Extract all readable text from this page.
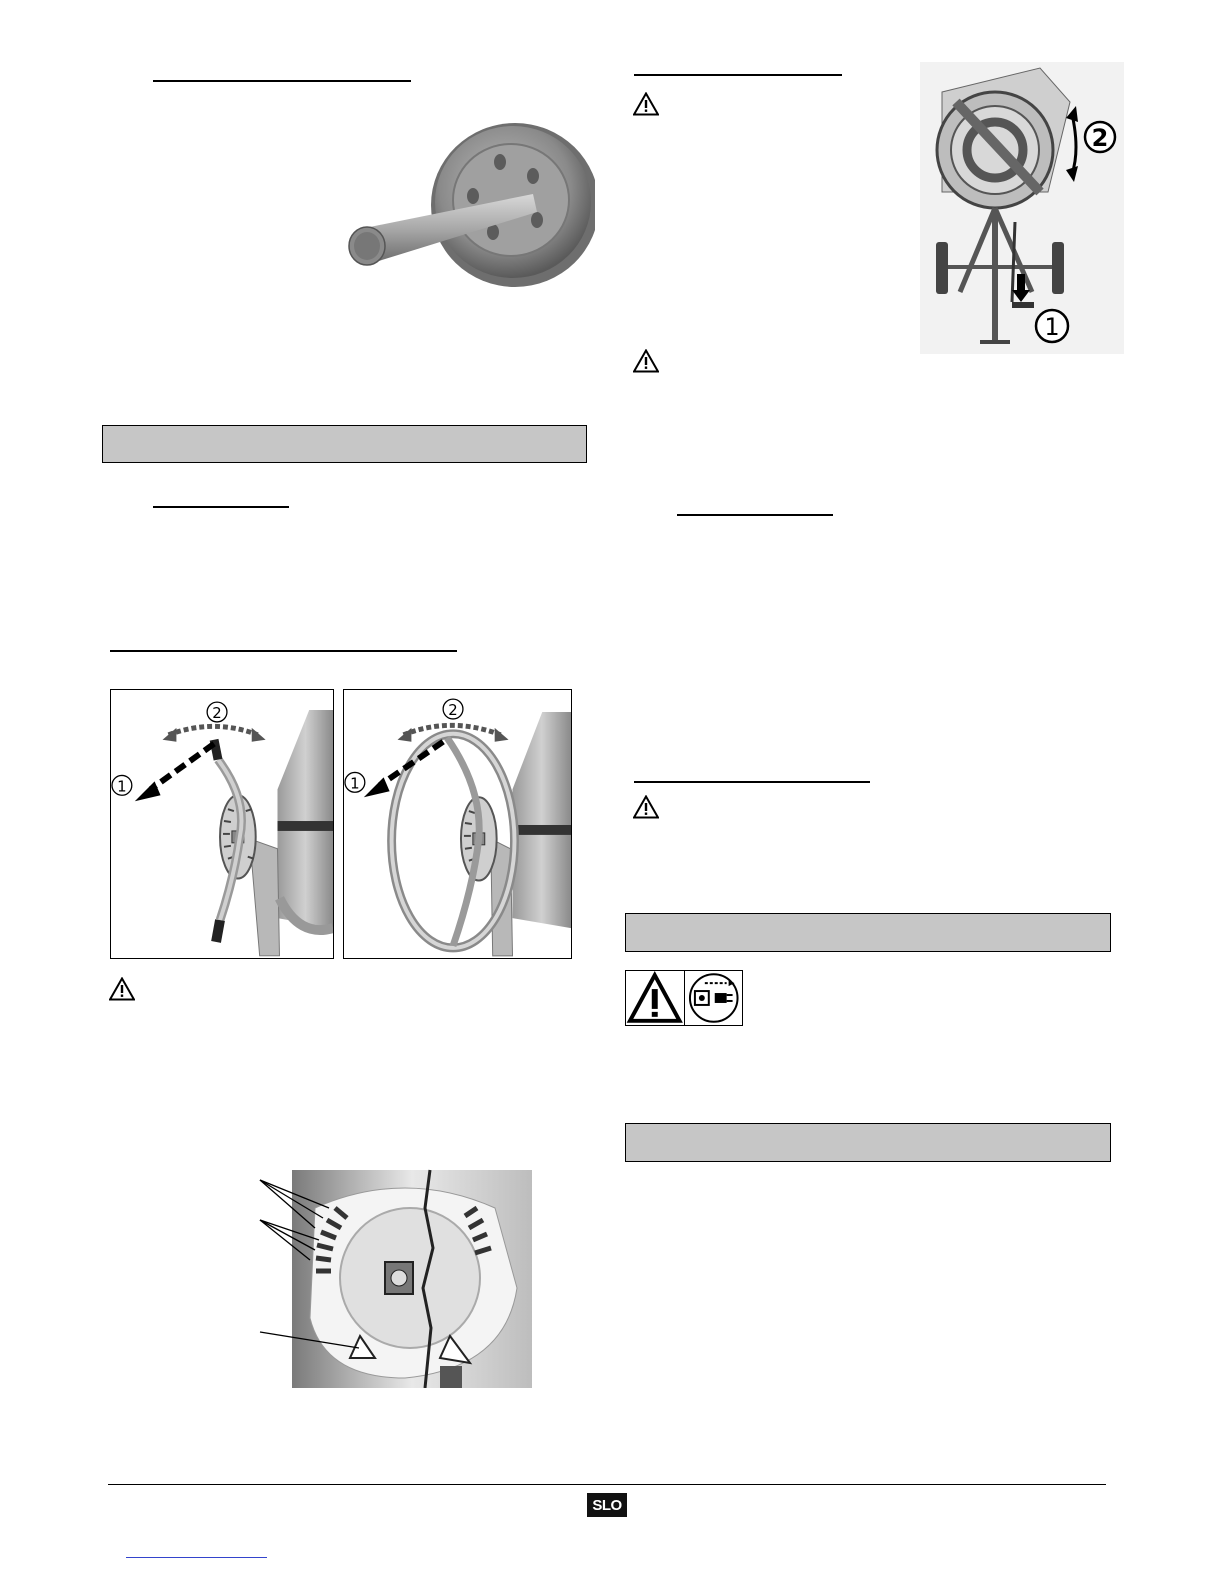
2
1
2
1
2
1
SLO
